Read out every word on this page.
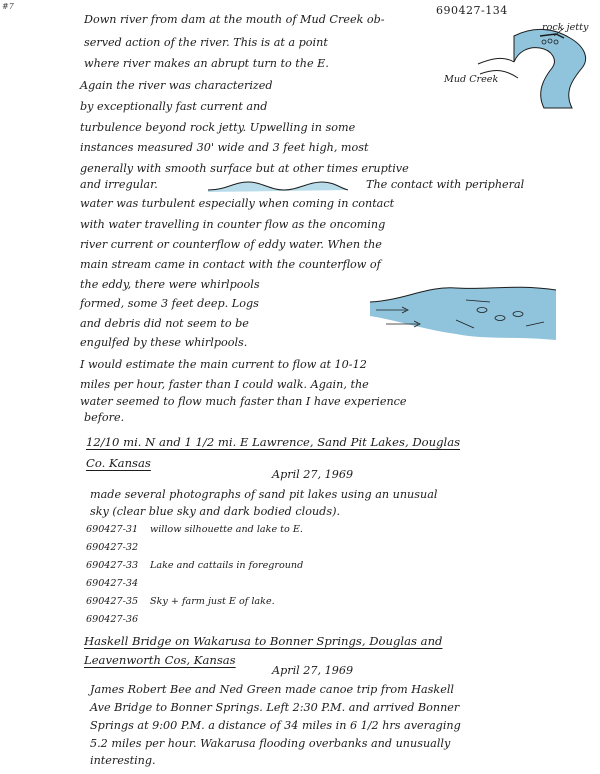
#7	690427-134
Down river from dam at the mouth of Mud Creek ob-
served action of the river. This is at a point
where river makes an abrupt turn to the E.
Again the river was characterized
by exceptionally fast current and
turbulence beyond rock jetty. Upwelling in some
instances measured 30' wide and 3 feet high, most
generally with smooth surface but at other times eruptive
and irregular.	The contact with peripheral
water was turbulent especially when coming in contact
with water travelling in counter flow as the oncoming
river current or counterflow of eddy water. When the
main stream came in contact with the counterflow of
the eddy, there were whirlpools
formed, some 3 feet deep. Logs
and debris did not seem to be
engulfed by these whirlpools.
I would estimate the main current to flow at 10-12
miles per hour, faster than I could walk. Again, the
water seemed to flow much faster than I have experience
before.
rock jetty
Mud Creek
12/10 mi. N and 1 1/2 mi. E Lawrence, Sand Pit Lakes, Douglas
Co. Kansas
April 27, 1969
made several photographs of sand pit lakes using an unusual
sky (clear blue sky and dark bodied clouds).
690427-31 willow silhouette and lake to E.
690427-32
690427-33 Lake and cattails in foreground
690427-34
690427-35 Sky + farm just E of lake.
690427-36
Haskell Bridge on Wakarusa to Bonner Springs, Douglas and
Leavenworth Cos, Kansas
April 27, 1969
James Robert Bee and Ned Green made canoe trip from Haskell
Ave Bridge to Bonner Springs. Left 2:30 P.M. and arrived Bonner
Springs at 9:00 P.M. a distance of 34 miles in 6 1/2 hrs averaging
5.2 miles per hour. Wakarusa flooding overbanks and unusually
interesting.
